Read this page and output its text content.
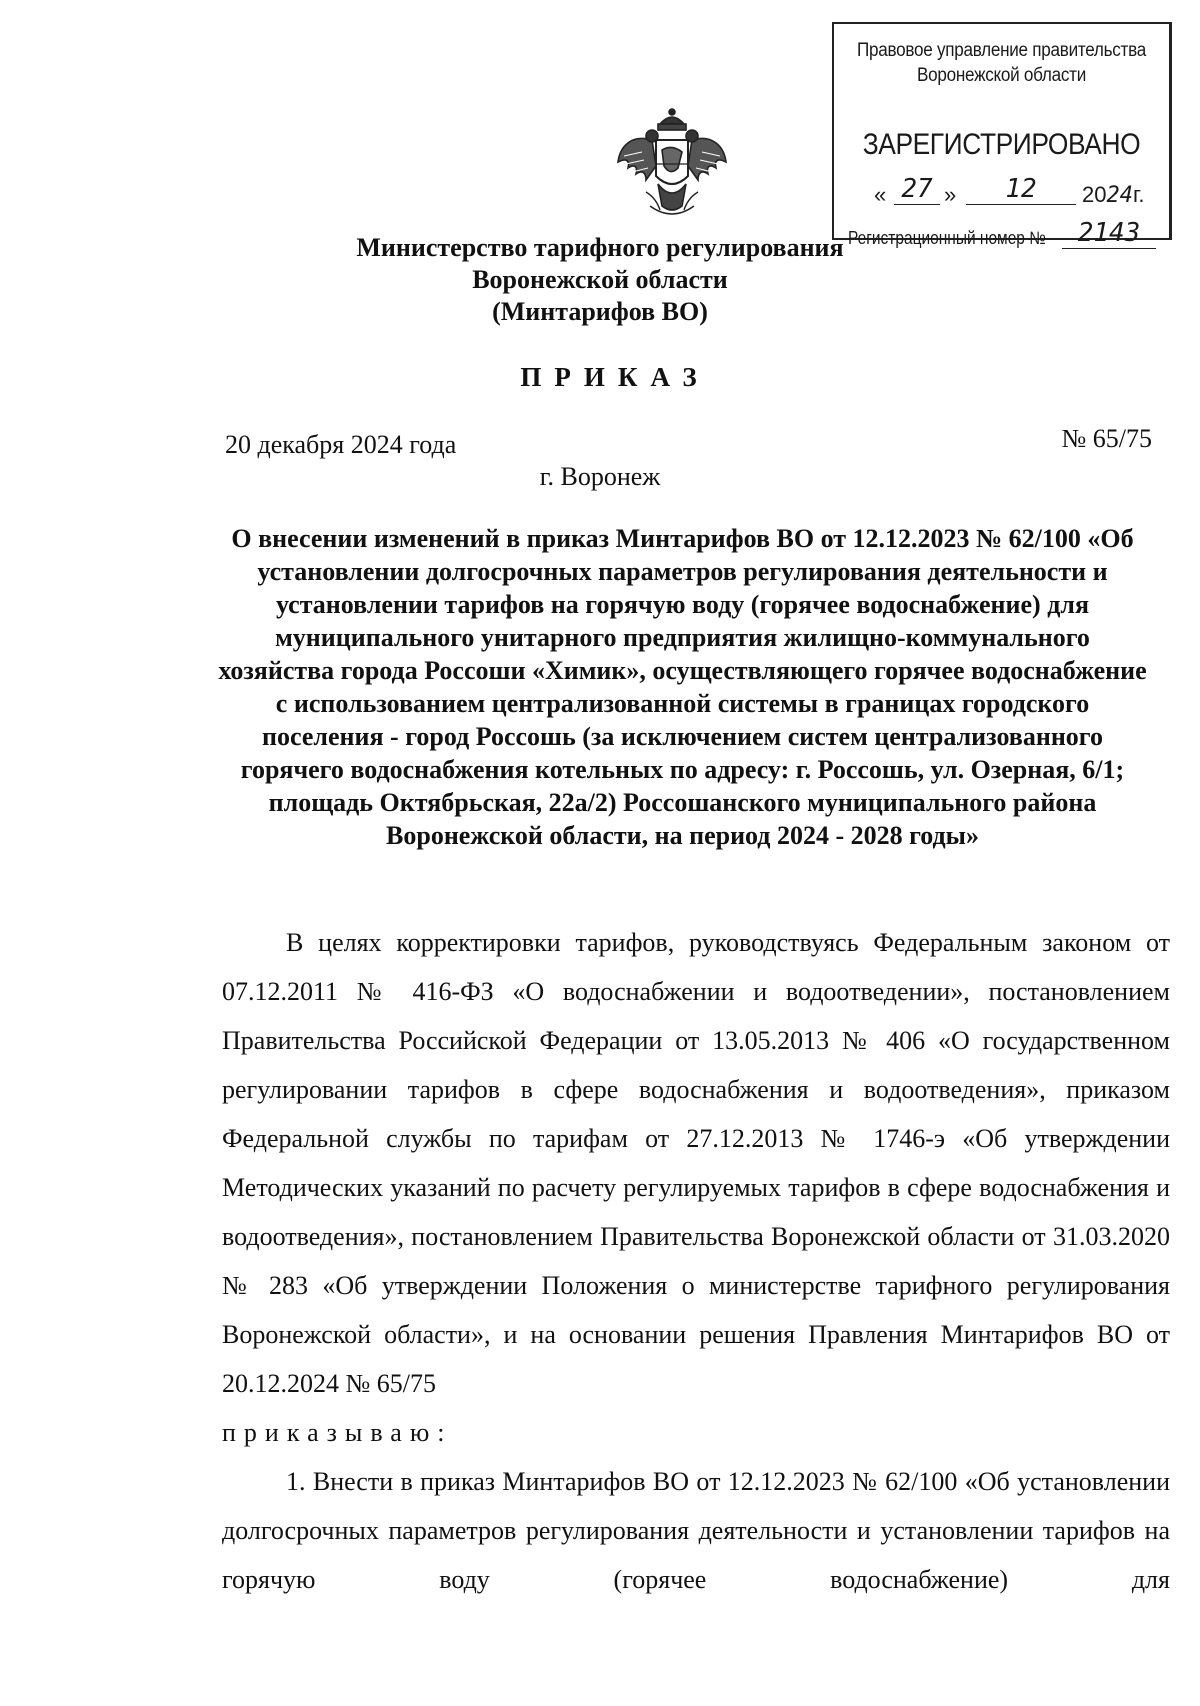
Правовое управление правительства
Воронежской области
ЗАРЕГИСТРИРОВАНО
« 27 »	12	2024г.
Регистрационный номер №	2143
Министерство тарифного регулирования
Воронежской области
(Минтарифов ВО)
ПРИКАЗ
20 декабря 2024 года	№ 65/75
г. Воронеж
О внесении изменений в приказ Минтарифов ВО от 12.12.2023 № 62/100 «Об установлении долгосрочных параметров регулирования деятельности и установлении тарифов на горячую воду (горячее водоснабжение) для муниципального унитарного предприятия жилищно-коммунального хозяйства города Россоши «Химик», осуществляющего горячее водоснабжение с использованием централизованной системы в границах городского поселения - город Россошь (за исключением систем централизованного горячего водоснабжения котельных по адресу: г. Россошь, ул. Озерная, 6/1; площадь Октябрьская, 22а/2) Россошанского муниципального района Воронежской области, на период 2024 - 2028 годы»

В целях корректировки тарифов, руководствуясь Федеральным законом от 07.12.2011 № 416-ФЗ «О водоснабжении и водоотведении», постановлением Правительства Российской Федерации от 13.05.2013 № 406 «О государственном регулировании тарифов в сфере водоснабжения и водоотведения», приказом Федеральной службы по тарифам от 27.12.2013 № 1746-э «Об утверждении Методических указаний по расчету регулируемых тарифов в сфере водоснабжения и водоотведения», постановлением Правительства Воронежской области от 31.03.2020 № 283 «Об утверждении Положения о министерстве тарифного регулирования Воронежской области», и на основании решения Правления Минтарифов ВО от 20.12.2024 № 65/75

приказываю:

1. Внести в приказ Минтарифов ВО от 12.12.2023 № 62/100 «Об установлении долгосрочных параметров регулирования деятельности и установлении тарифов на горячую воду (горячее водоснабжение) для
